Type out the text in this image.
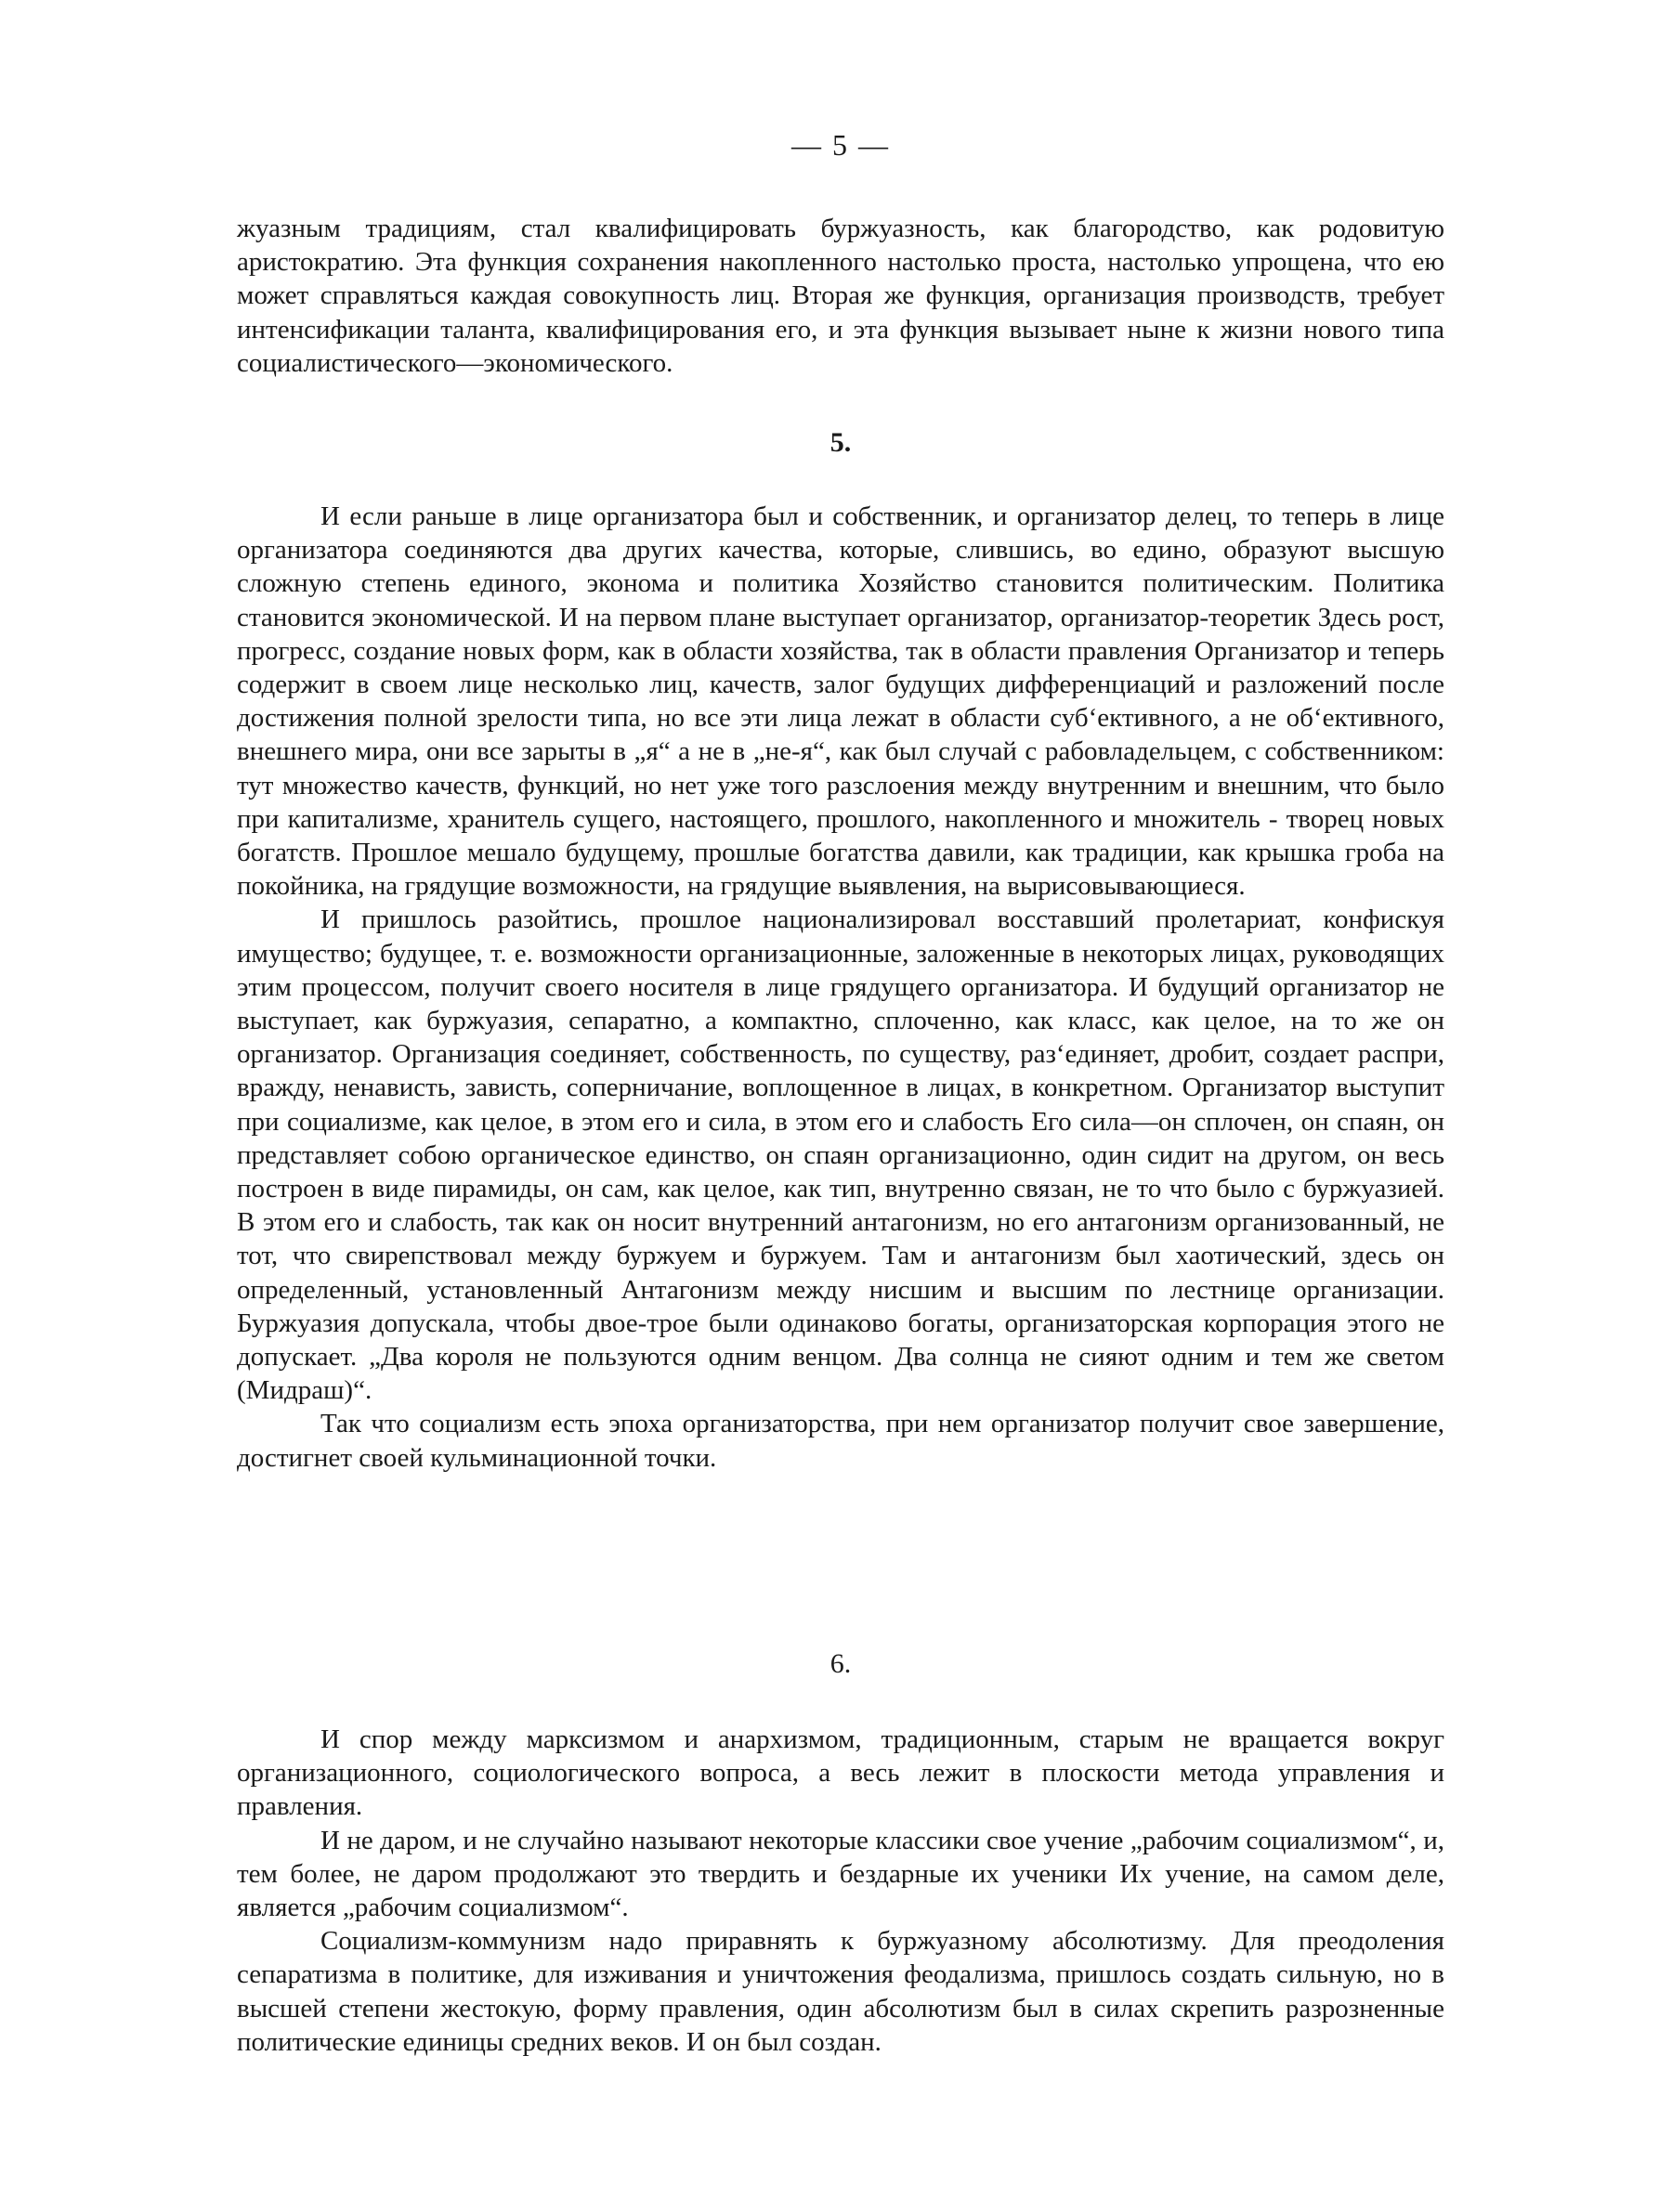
— 5 —

жуазным традициям, стал квалифицировать буржуазность, как благородство, как родовитую аристократию. Эта функция сохранения накопленного настолько проста, настолько упрощена, что ею может справляться каждая совокупность лиц. Вторая же функция, организация производств, требует интенсификации таланта, квалифицирования его, и эта функция вызывает ныне к жизни нового типа социалистического—экономического.

5.

И если раньше в лице организатора был и собственник, и организатор делец, то теперь в лице организатора соединяются два других качества, которые, слившись, во едино, образуют высшую сложную степень единого, эконома и политика Хозяйство становится политическим. Политика становится экономической. И на первом плане выступает организатор, организатор-теоретик Здесь рост, прогресс, создание новых форм, как в области хозяйства, так в области правления Организатор и теперь содержит в своем лице несколько лиц, качеств, залог будущих дифференциаций и разложений после достижения полной зрелости типа, но все эти лица лежат в области суб‘ективного, а не об‘ективного, внешнего мира, они все зарыты в „я“ а не в „не-я“, как был случай с рабовладельцем, с собственником: тут множество качеств, функций, но нет уже того разслоения между внутренним и внешним, что было при капитализме, хранитель сущего, настоящего, прошлого, накопленного и множитель - творец новых богатств. Прошлое мешало будущему, прошлые богатства давили, как традиции, как крышка гроба на покойника, на грядущие возможности, на грядущие выявления, на вырисовывающиеся.

И пришлось разойтись, прошлое национализировал восставший пролетариат, конфискуя имущество; будущее, т. е. возможности организационные, заложенные в некоторых лицах, руководящих этим процессом, получит своего носителя в лице грядущего организатора. И будущий организатор не выступает, как буржуазия, сепаратно, а компактно, сплоченно, как класс, как целое, на то же он организатор. Организация соединяет, собственность, по существу, раз‘единяет, дробит, создает распри, вражду, ненависть, зависть, соперничание, воплощенное в лицах, в конкретном. Организатор выступит при социализме, как целое, в этом его и сила, в этом его и слабость Его сила—он сплочен, он спаян, он представляет собою органическое единство, он спаян организационно, один сидит на другом, он весь построен в виде пирамиды, он сам, как целое, как тип, внутренно связан, не то что было с буржуазией. В этом его и слабость, так как он носит внутренний антагонизм, но его антагонизм организованный, не тот, что свирепствовал между буржуем и буржуем. Там и антагонизм был хаотический, здесь он определенный, установленный Антагонизм между нисшим и высшим по лестнице организации. Буржуазия допускала, чтобы двое-трое были одинаково богаты, организаторская корпорация этого не допускает. „Два короля не пользуются одним венцом. Два солнца не сияют одним и тем же светом (Мидраш)“.

Так что социализм есть эпоха организаторства, при нем организатор получит свое завершение, достигнет своей кульминационной точки.

6.

И спор между марксизмом и анархизмом, традиционным, старым не вращается вокруг организационного, социологического вопроса, а весь лежит в плоскости метода управления и правления.

И не даром, и не случайно называют некоторые классики свое учение „рабочим социализмом“, и, тем более, не даром продолжают это твердить и бездарные их ученики Их учение, на самом деле, является „рабочим социализмом“.

Социализм-коммунизм надо приравнять к буржуазному абсолютизму. Для преодоления сепаратизма в политике, для изживания и уничтожения феодализма, пришлось создать сильную, но в высшей степени жестокую, форму правления, один абсолютизм был в силах скрепить разрозненные политические единицы средних веков. И он был создан.
